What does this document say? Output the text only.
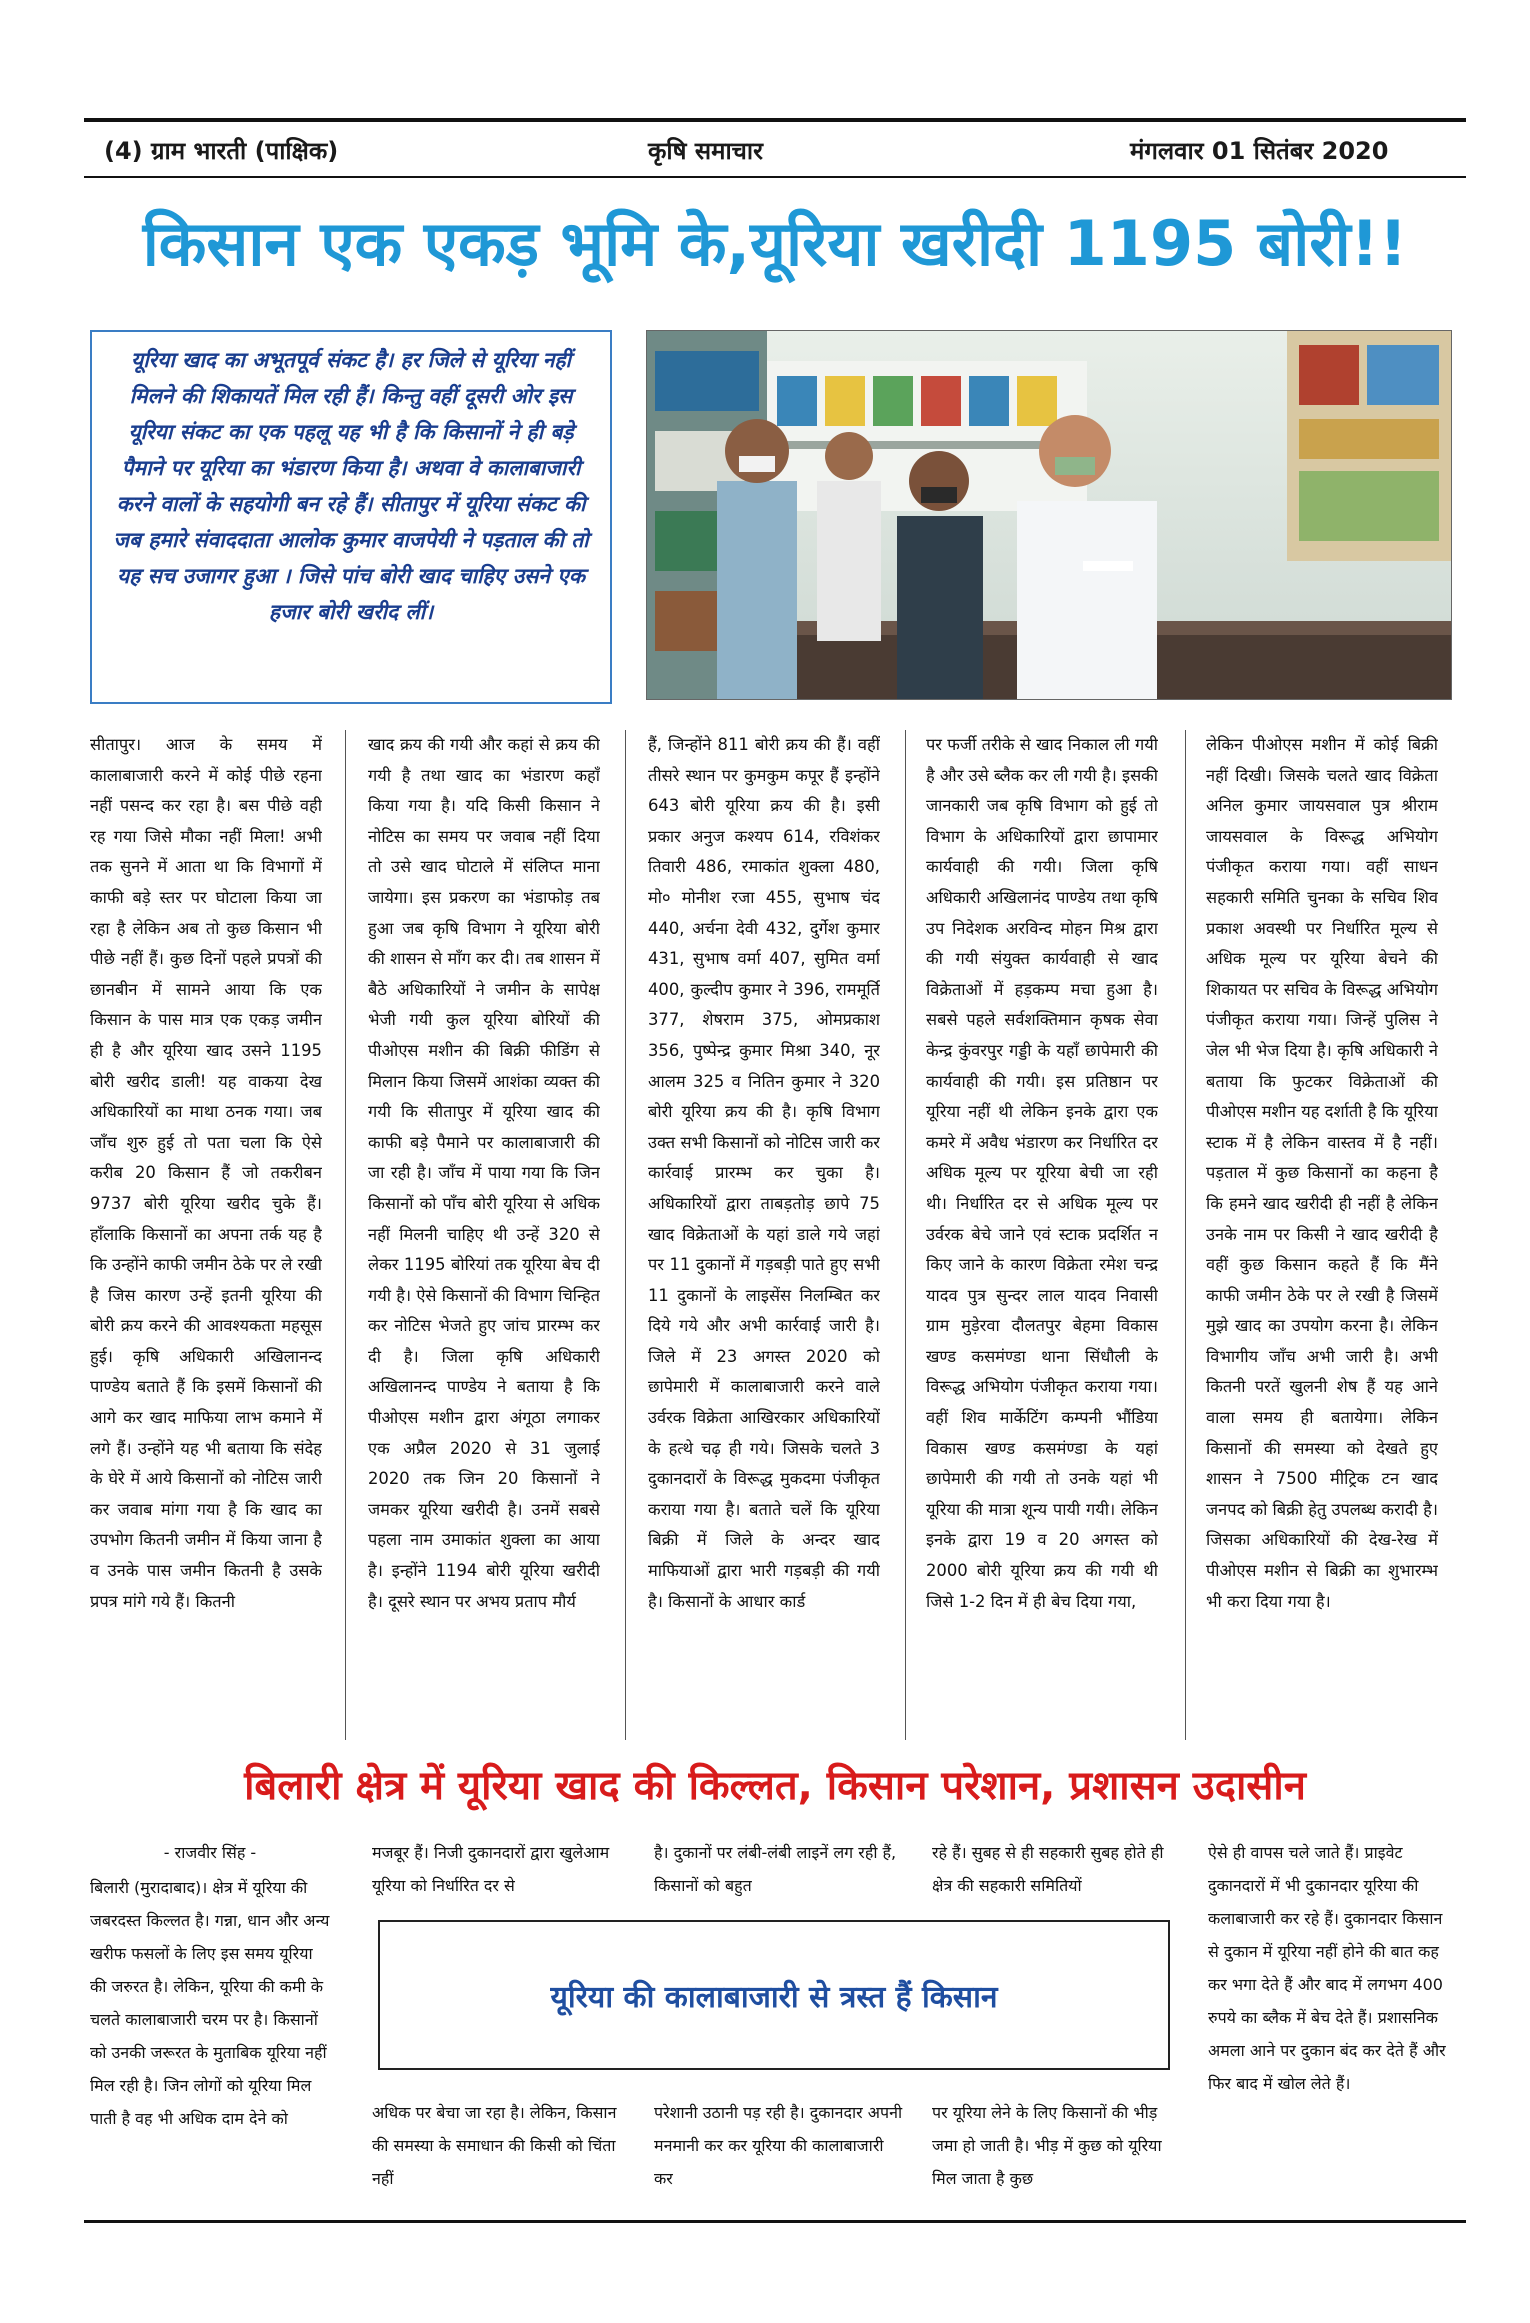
(4) ग्राम भारती (पाक्षिक)	कृषि समाचार	मंगलवार 01 सितंबर 2020
किसान एक एकड़ भूमि के,यूरिया खरीदी 1195 बोरी!!

यूरिया खाद का अभूतपूर्व संकट है। हर जिले से यूरिया नहीं मिलने की शिकायतें मिल रही हैं। किन्तु वहीं दूसरी ओर इस यूरिया संकट का एक पहलू यह भी है कि किसानों ने ही बड़े पैमाने पर यूरिया का भंडारण किया है। अथवा वे कालाबाजारी करने वालों के सहयोगी बन रहे हैं। सीतापुर में यूरिया संकट की जब हमारे संवाददाता आलोक कुमार वाजपेयी ने पड़ताल की तो यह सच उजागर हुआ । जिसे पांच बोरी खाद चाहिए उसने एक हजार बोरी खरीद लीं।

सीतापुर। आज के समय में कालाबाजारी करने में कोई पीछे रहना नहीं पसन्द कर रहा है। बस पीछे वही रह गया जिसे मौका नहीं मिला! अभी तक सुनने में आता था कि विभागों में काफी बड़े स्तर पर घोटाला किया जा रहा है लेकिन अब तो कुछ किसान भी पीछे नहीं हैं। कुछ दिनों पहले प्रपत्रों की छानबीन में सामने आया कि एक किसान के पास मात्र एक एकड़ जमीन ही है और यूरिया खाद उसने 1195 बोरी खरीद डाली! यह वाकया देख अधिकारियों का माथा ठनक गया। जब जाँच शुरु हुई तो पता चला कि ऐसे करीब 20 किसान हैं जो तकरीबन 9737 बोरी यूरिया खरीद चुके हैं। हाँलाकि किसानों का अपना तर्क यह है कि उन्होंने काफी जमीन ठेके पर ले रखी है जिस कारण उन्हें इतनी यूरिया की बोरी क्रय करने की आवश्यकता महसूस हुई। कृषि अधिकारी अखिलानन्द पाण्डेय बताते हैं कि इसमें किसानों की आगे कर खाद माफिया लाभ कमाने में लगे हैं। उन्होंने यह भी बताया कि संदेह के घेरे में आये किसानों को नोटिस जारी कर जवाब मांगा गया है कि खाद का उपभोग कितनी जमीन में किया जाना है व उनके पास जमीन कितनी है उसके प्रपत्र मांगे गये हैं। कितनी
खाद क्रय की गयी और कहां से क्रय की गयी है तथा खाद का भंडारण कहाँ किया गया है। यदि किसी किसान ने नोटिस का समय पर जवाब नहीं दिया तो उसे खाद घोटाले में संलिप्त माना जायेगा। इस प्रकरण का भंडाफोड़ तब हुआ जब कृषि विभाग ने यूरिया बोरी की शासन से माँग कर दी। तब शासन में बैठे अधिकारियों ने जमीन के सापेक्ष भेजी गयी कुल यूरिया बोरियों की पीओएस मशीन की बिक्री फीडिंग से मिलान किया जिसमें आशंका व्यक्त की गयी कि सीतापुर में यूरिया खाद की काफी बड़े पैमाने पर कालाबाजारी की जा रही है। जाँच में पाया गया कि जिन किसानों को पाँच बोरी यूरिया से अधिक नहीं मिलनी चाहिए थी उन्हें 320 से लेकर 1195 बोरियां तक यूरिया बेच दी गयी है। ऐसे किसानों की विभाग चिन्हित कर नोटिस भेजते हुए जांच प्रारम्भ कर दी है। जिला कृषि अधिकारी अखिलानन्द पाण्डेय ने बताया है कि पीओएस मशीन द्वारा अंगूठा लगाकर एक अप्रैल 2020 से 31 जुलाई 2020 तक जिन 20 किसानों ने जमकर यूरिया खरीदी है। उनमें सबसे पहला नाम उमाकांत शुक्ला का आया है। इन्होंने 1194 बोरी यूरिया खरीदी है। दूसरे स्थान पर अभय प्रताप मौर्य
हैं, जिन्होंने 811 बोरी क्रय की हैं। वहीं तीसरे स्थान पर कुमकुम कपूर हैं इन्होंने 643 बोरी यूरिया क्रय की है। इसी प्रकार अनुज कश्यप 614, रविशंकर तिवारी 486, रमाकांत शुक्ला 480, मो० मोनीश रजा 455, सुभाष चंद 440, अर्चना देवी 432, दुर्गेश कुमार 431, सुभाष वर्मा 407, सुमित वर्मा 400, कुल्दीप कुमार ने 396, राममूर्ति 377, शेषराम 375, ओमप्रकाश 356, पुष्पेन्द्र कुमार मिश्रा 340, नूर आलम 325 व नितिन कुमार ने 320 बोरी यूरिया क्रय की है। कृषि विभाग उक्त सभी किसानों को नोटिस जारी कर कार्रवाई प्रारम्भ कर चुका है। अधिकारियों द्वारा ताबड़तोड़ छापे 75 खाद विक्रेताओं के यहां डाले गये जहां पर 11 दुकानों में गड़बड़ी पाते हुए सभी 11 दुकानों के लाइसेंस निलम्बित कर दिये गये और अभी कार्रवाई जारी है। जिले में 23 अगस्त 2020 को छापेमारी में कालाबाजारी करने वाले उर्वरक विक्रेता आखिरकार अधिकारियों के हत्थे चढ़ ही गये। जिसके चलते 3 दुकानदारों के विरूद्ध मुकदमा पंजीकृत कराया गया है। बताते चलें कि यूरिया बिक्री में जिले के अन्दर खाद माफियाओं द्वारा भारी गड़बड़ी की गयी है। किसानों के आधार कार्ड
पर फर्जी तरीके से खाद निकाल ली गयी है और उसे ब्लैक कर ली गयी है। इसकी जानकारी जब कृषि विभाग को हुई तो विभाग के अधिकारियों द्वारा छापामार कार्यवाही की गयी। जिला कृषि अधिकारी अखिलानंद पाण्डेय तथा कृषि उप निदेशक अरविन्द मोहन मिश्र द्वारा की गयी संयुक्त कार्यवाही से खाद विक्रेताओं में हड़कम्प मचा हुआ है। सबसे पहले सर्वशक्तिमान कृषक सेवा केन्द्र कुंवरपुर गड्डी के यहाँ छापेमारी की कार्यवाही की गयी। इस प्रतिष्ठान पर यूरिया नहीं थी लेकिन इनके द्वारा एक कमरे में अवैध भंडारण कर निर्धारित दर अधिक मूल्य पर यूरिया बेची जा रही थी। निर्धारित दर से अधिक मूल्य पर उर्वरक बेचे जाने एवं स्टाक प्रदर्शित न किए जाने के कारण विक्रेता रमेश चन्द्र यादव पुत्र सुन्दर लाल यादव निवासी ग्राम मुड़ेरवा दौलतपुर बेहमा विकास खण्ड कसमंण्डा थाना सिंधौली के विरूद्ध अभियोग पंजीकृत कराया गया। वहीं शिव मार्केटिंग कम्पनी भौंडिया विकास खण्ड कसमंण्डा के यहां छापेमारी की गयी तो उनके यहां भी यूरिया की मात्रा शून्य पायी गयी। लेकिन इनके द्वारा 19 व 20 अगस्त को 2000 बोरी यूरिया क्रय की गयी थी जिसे 1-2 दिन में ही बेच दिया गया,
लेकिन पीओएस मशीन में कोई बिक्री नहीं दिखी। जिसके चलते खाद विक्रेता अनिल कुमार जायसवाल पुत्र श्रीराम जायसवाल के विरूद्ध अभियोग पंजीकृत कराया गया। वहीं साधन सहकारी समिति चुनका के सचिव शिव प्रकाश अवस्थी पर निर्धारित मूल्य से अधिक मूल्य पर यूरिया बेचने की शिकायत पर सचिव के विरूद्ध अभियोग पंजीकृत कराया गया। जिन्हें पुलिस ने जेल भी भेज दिया है। कृषि अधिकारी ने बताया कि फुटकर विक्रेताओं की पीओएस मशीन यह दर्शाती है कि यूरिया स्टाक में है लेकिन वास्तव में है नहीं। पड़ताल में कुछ किसानों का कहना है कि हमने खाद खरीदी ही नहीं है लेकिन उनके नाम पर किसी ने खाद खरीदी है वहीं कुछ किसान कहते हैं कि मैंने काफी जमीन ठेके पर ले रखी है जिसमें मुझे खाद का उपयोग करना है। लेकिन विभागीय जाँच अभी जारी है। अभी कितनी परतें खुलनी शेष हैं यह आने वाला समय ही बतायेगा। लेकिन किसानों की समस्या को देखते हुए शासन ने 7500 मीट्रिक टन खाद जनपद को बिक्री हेतु उपलब्ध करादी है। जिसका अधिकारियों की देख-रेख में पीओएस मशीन से बिक्री का शुभारम्भ भी करा दिया गया है।
बिलारी क्षेत्र में यूरिया खाद की किल्लत, किसान परेशान, प्रशासन उदासीन
- राजवीर सिंह -
बिलारी (मुरादाबाद)। क्षेत्र में यूरिया की जबरदस्त किल्लत है। गन्ना, धान और अन्य खरीफ फसलों के लिए इस समय यूरिया की जरुरत है। लेकिन, यूरिया की कमी के चलते कालाबाजारी चरम पर है। किसानों को उनकी जरूरत के मुताबिक यूरिया नहीं मिल रही है। जिन लोगों को यूरिया मिल पाती है वह भी अधिक दाम देने को
मजबूर हैं। निजी दुकानदारों द्वारा खुलेआम यूरिया को निर्धारित दर से
है। दुकानों पर लंबी-लंबी लाइनें लग रही हैं, किसानों को बहुत
रहे हैं। सुबह से ही सहकारी सुबह होते ही क्षेत्र की सहकारी समितियों
ऐसे ही वापस चले जाते हैं। प्राइवेट दुकानदारों में भी दुकानदार यूरिया की कलाबाजारी कर रहे हैं। दुकानदार किसान से दुकान में यूरिया नहीं होने की बात कह कर भगा देते हैं और बाद में लगभग 400 रुपये का ब्लैक में बेच देते हैं। प्रशासनिक अमला आने पर दुकान बंद कर देते हैं और फिर बाद में खोल लेते हैं।
यूरिया की कालाबाजारी से त्रस्त हैं किसान
अधिक पर बेचा जा रहा है। लेकिन, किसान की समस्या के समाधान की किसी को चिंता नहीं
परेशानी उठानी पड़ रही है। दुकानदार अपनी मनमानी कर कर यूरिया की कालाबाजारी कर
पर यूरिया लेने के लिए किसानों की भीड़ जमा हो जाती है। भीड़ में कुछ को यूरिया मिल जाता है कुछ
